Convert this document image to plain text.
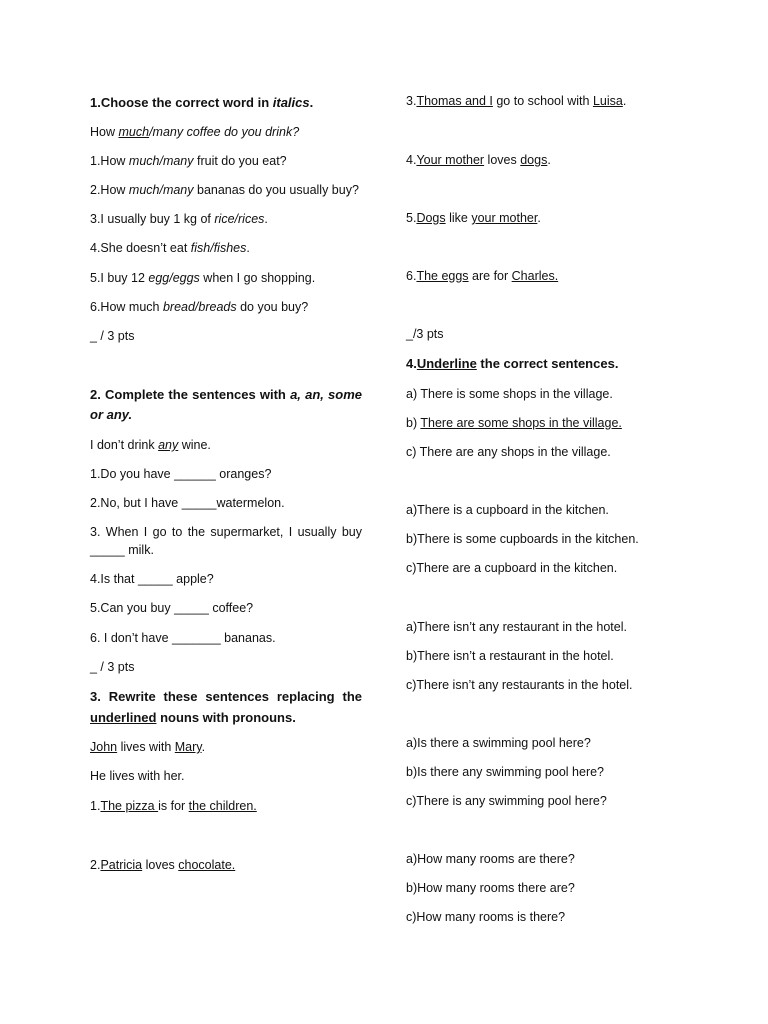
1.Choose the correct word in italics.
How much/many coffee do you drink?
1.How much/many fruit do you eat?
2.How much/many bananas do you usually buy?
3.I usually buy 1 kg of rice/rices.
4.She doesn’t eat fish/fishes.
5.I buy 12 egg/eggs when I go shopping.
6.How much bread/breads do you buy?
_ / 3 pts
2. Complete the sentences with a, an, some
or any.
I don’t drink any wine.
1.Do you have ______ oranges?
2.No, but I have _____watermelon.
3. When I go to the supermarket, I usually buy
_____ milk.
4.Is that _____ apple?
5.Can you buy _____ coffee?
6. I don’t have _______ bananas.
_ / 3 pts
3. Rewrite these sentences replacing the
underlined nouns with pronouns.
John lives with Mary.
He lives with her.
1.The pizza is for the children.
2.Patricia loves chocolate.
3.Thomas and I go to school with Luisa.
4.Your mother loves dogs.
5.Dogs like your mother.
6.The eggs are for Charles.
_/3 pts
4.Underline the correct sentences.
a) There is some shops in the village.
b) There are some shops in the village.
c) There are any shops in the village.
a)There is a cupboard in the kitchen.
b)There is some cupboards in the kitchen.
c)There are a cupboard in the kitchen.
a)There isn’t any restaurant in the hotel.
b)There isn’t a restaurant in the hotel.
c)There isn’t any restaurants in the hotel.
a)Is there a swimming pool here?
b)Is there any swimming pool here?
c)There is any swimming pool here?
a)How many rooms are there?
b)How many rooms there are?
c)How many rooms is there?
